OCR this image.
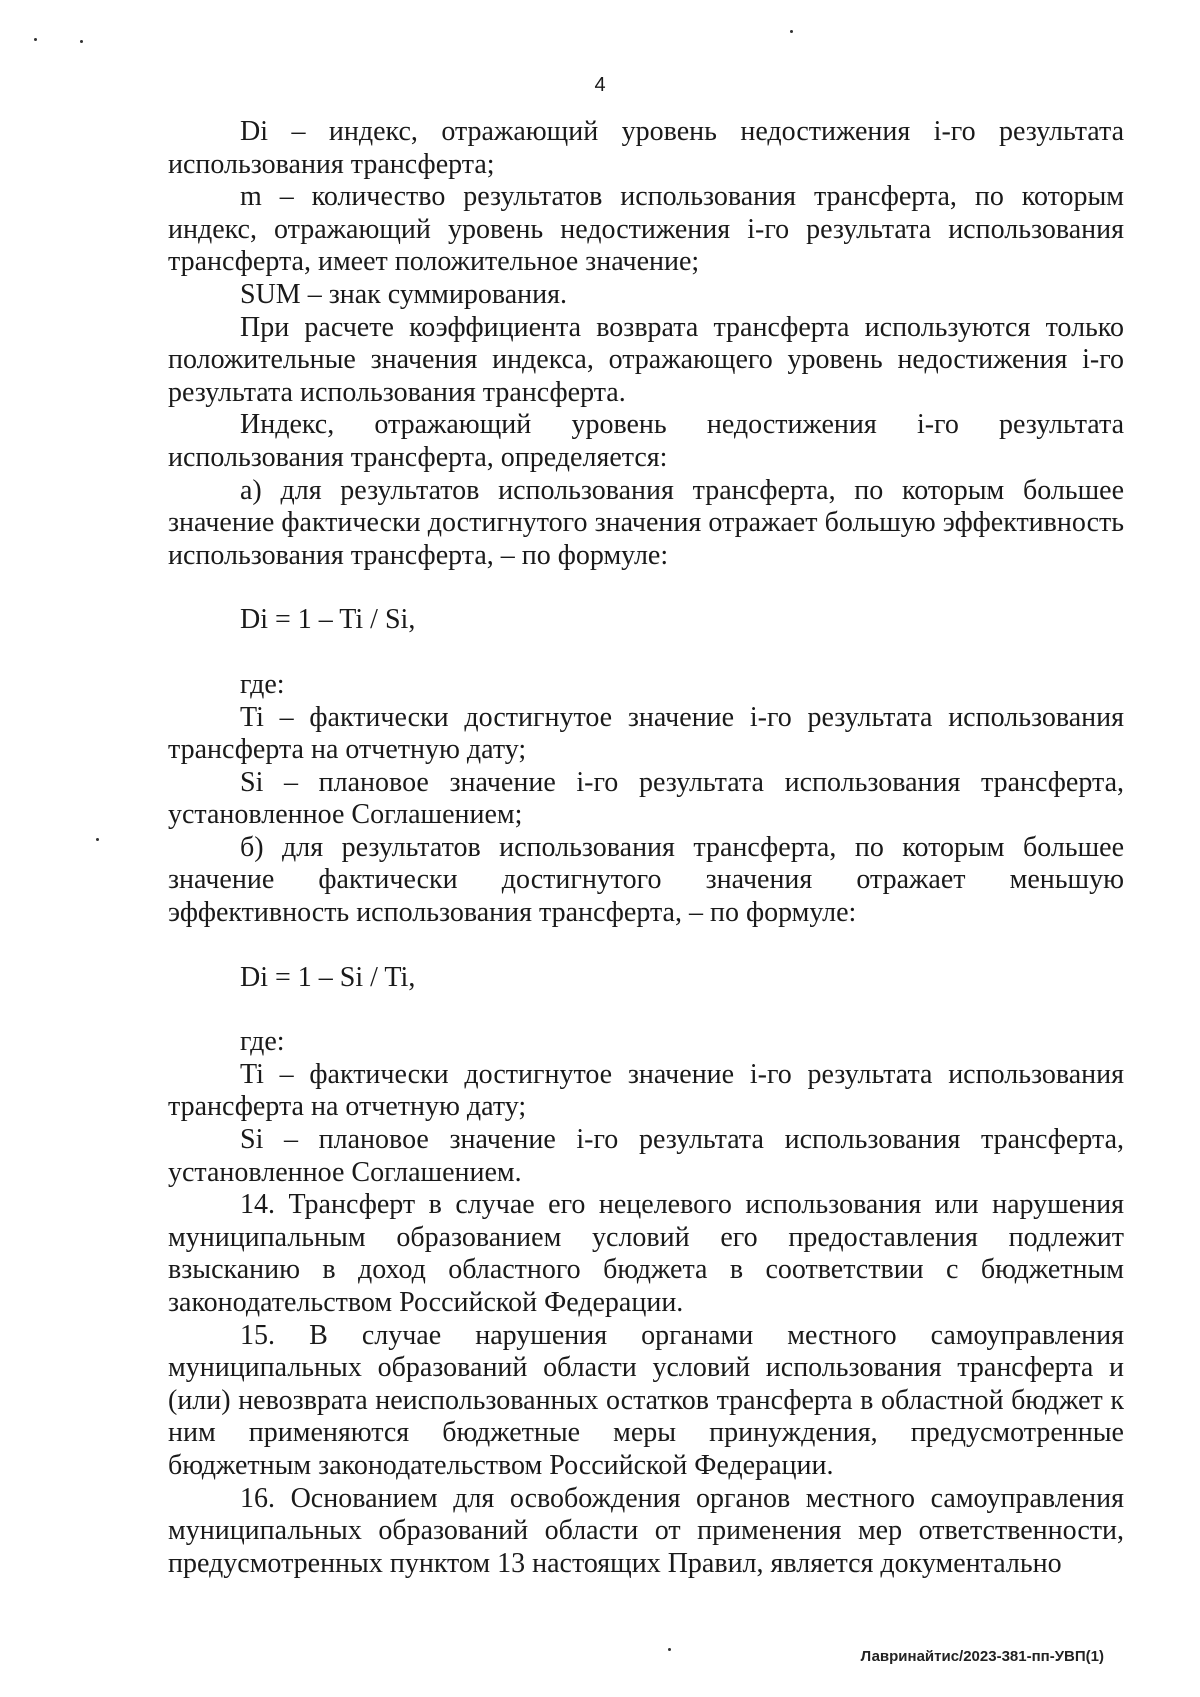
4

Di – индекс, отражающий уровень недостижения i-го результата использования трансферта;

m – количество результатов использования трансферта, по которым индекс, отражающий уровень недостижения i-го результата использования трансферта, имеет положительное значение;

SUM – знак суммирования.

При расчете коэффициента возврата трансферта используются только положительные значения индекса, отражающего уровень недостижения i-го результата использования трансферта.

Индекс, отражающий уровень недостижения i-го результата использования трансферта, определяется:

а) для результатов использования трансферта, по которым большее значение фактически достигнутого значения отражает большую эффективность использования трансферта, – по формуле:

Di = 1 – Ti / Si,

где:

Ti – фактически достигнутое значение i-го результата использования трансферта на отчетную дату;

Si – плановое значение i-го результата использования трансферта, установленное Соглашением;

б) для результатов использования трансферта, по которым большее значение фактически достигнутого значения отражает меньшую эффективность использования трансферта, – по формуле:

Di = 1 – Si / Ti,

где:

Ti – фактически достигнутое значение i-го результата использования трансферта на отчетную дату;

Si – плановое значение i-го результата использования трансферта, установленное Соглашением.

14. Трансферт в случае его нецелевого использования или нарушения муниципальным образованием условий его предоставления подлежит взысканию в доход областного бюджета в соответствии с бюджетным законодательством Российской Федерации.

15. В случае нарушения органами местного самоуправления муниципальных образований области условий использования трансферта и (или) невозврата неиспользованных остатков трансферта в областной бюджет к ним применяются бюджетные меры принуждения, предусмотренные бюджетным законодательством Российской Федерации.

16. Основанием для освобождения органов местного самоуправления муниципальных образований области от применения мер ответственности, предусмотренных пунктом 13 настоящих Правил, является документально

Лавринайтис/2023-381-пп-УВП(1)
